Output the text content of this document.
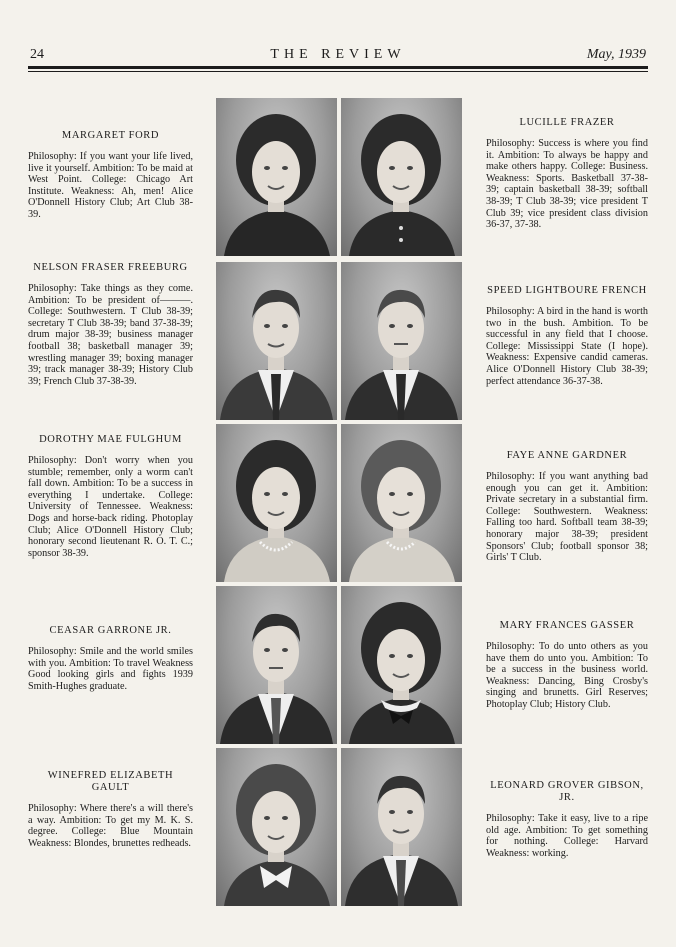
24	THE REVIEW	May, 1939
MARGARET FORD
Philosophy: If you want your life lived, live it yourself. Ambition: To be maid at West Point. College: Chicago Art Institute. Weakness: Ah, men! Alice O'Donnell History Club; Art Club 38-39.
NELSON FRASER FREEBURG
Philosophy: Take things as they come. Ambition: To be president of———. College: Southwestern. T Club 38-39; secretary T Club 38-39; band 37-38-39; drum major 38-39; business manager football 38; basketball manager 39; wrestling manager 39; boxing manager 39; track manager 38-39; History Club 39; French Club 37-38-39.
DOROTHY MAE FULGHUM
Philosophy: Don't worry when you stumble; remember, only a worm can't fall down. Ambition: To be a success in everything I undertake. College: University of Tennessee. Weakness: Dogs and horse-back riding. Photoplay Club; Alice O'Donnell History Club; honorary second lieutenant R. O. T. C.; sponsor 38-39.
CEASAR GARRONE JR.
Philosophy: Smile and the world smiles with you. Ambition: To travel Weakness Good looking girls and fights 1939 Smith-Hughes graduate.
WINEFRED ELIZABETH GAULT
Philosophy: Where there's a will there's a way. Ambition: To get my M. K. S. degree. College: Blue Mountain Weakness: Blondes, brunettes redheads.
LUCILLE FRAZER
Philosophy: Success is where you find it. Ambition: To always be happy and make others happy. College: Business. Weakness: Sports. Basketball 37-38-39; captain basketball 38-39; softball 38-39; T Club 38-39; vice president T Club 39; vice president class division 36-37, 37-38.
SPEED LIGHTBOURE FRENCH
Philosophy: A bird in the hand is worth two in the bush. Ambition. To be successful in any field that I choose. College: Mississippi State (I hope). Weakness: Expensive candid cameras. Alice O'Donnell History Club 38-39; perfect attendance 36-37-38.
FAYE ANNE GARDNER
Philosophy: If you want anything bad enough you can get it. Ambition: Private secretary in a substantial firm. College: Southwestern. Weakness: Falling too hard. Softball team 38-39; honorary major 38-39; president Sponsors' Club; football sponsor 38; Girls' T Club.
MARY FRANCES GASSER
Philosophy: To do unto others as you have them do unto you. Ambition: To be a success in the business world. Weakness: Dancing, Bing Crosby's singing and brunetts. Girl Reserves; Photoplay Club; History Club.
LEONARD GROVER GIBSON, JR.
Philosophy: Take it easy, live to a ripe old age. Ambition: To get something for nothing. College: Harvard Weakness: working.
